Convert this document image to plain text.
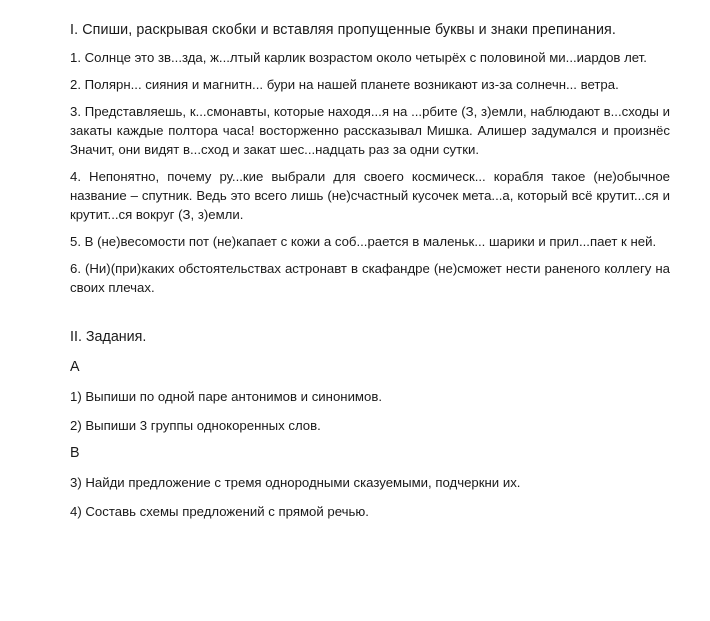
I. Спиши, раскрывая скобки и вставляя пропущенные буквы и знаки препинания.

1. Солнце это зв...зда, ж...лтый карлик возрастом около четырёх с половиной ми...иардов лет.

2. Полярн... сияния и магнитн... бури на нашей планете возникают из-за солнечн... ветра.

3. Представляешь, к...смонавты, которые находя...я на ...рбите (З, з)емли, наблюдают в...сходы и закаты каждые полтора часа! восторженно рассказывал Мишка. Алишер задумался и произнёс Значит, они видят в...сход и закат шес...надцать раз за одни сутки.

4. Непонятно, почему ру...кие выбрали для своего космическ... корабля такое (не)обычное название – спутник. Ведь это всего лишь (не)счастный кусочек мета...а, который всё крутит...ся и крутит...ся вокруг (З, з)емли.

5. В (не)весомости пот (не)капает с кожи а соб...рается в маленьк... шарики и прил...пает к ней.

6. (Ни)(при)каких обстоятельствах астронавт в скафандре (не)сможет нести раненого коллегу на своих плечах.

II. Задания.
А
1) Выпиши по одной паре антонимов и синонимов.
2) Выпиши 3 группы однокоренных слов.
В
3) Найди предложение с тремя однородными сказуемыми, подчеркни их.
4) Составь схемы предложений с прямой речью.
